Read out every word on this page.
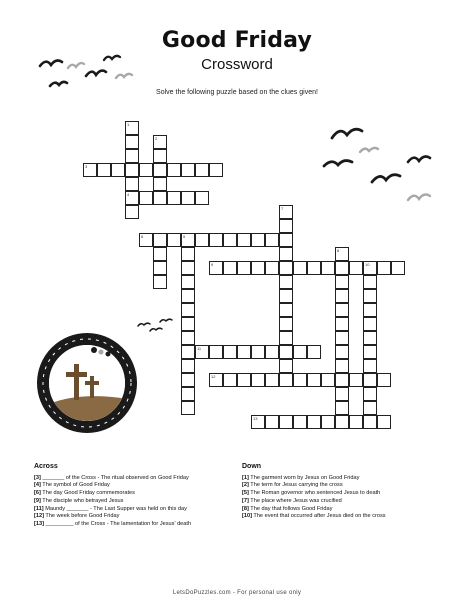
Good Friday
Crossword
Solve the following puzzle based on the clues given!
3
4
6	5
9	10
11
12
13
1
2
7
8
Across
[3] _______ of the Cross - The ritual observed on Good Friday
[4] The symbol of Good Friday
[6] The day Good Friday commemorates
[9] The disciple who betrayed Jesus
[11] Maundy _______ - The Last Supper was held on this day
[12] The week before Good Friday
[13] _________ of the Cross - The lamentation for Jesus' death
Down
[1] The garment worn by Jesus on Good Friday
[2] The term for Jesus carrying the cross
[5] The Roman governor who sentenced Jesus to death
[7] The place where Jesus was crucified
[8] The day that follows Good Friday
[10] The event that occurred after Jesus died on the cross
LetsDoPuzzles.com - For personal use only
